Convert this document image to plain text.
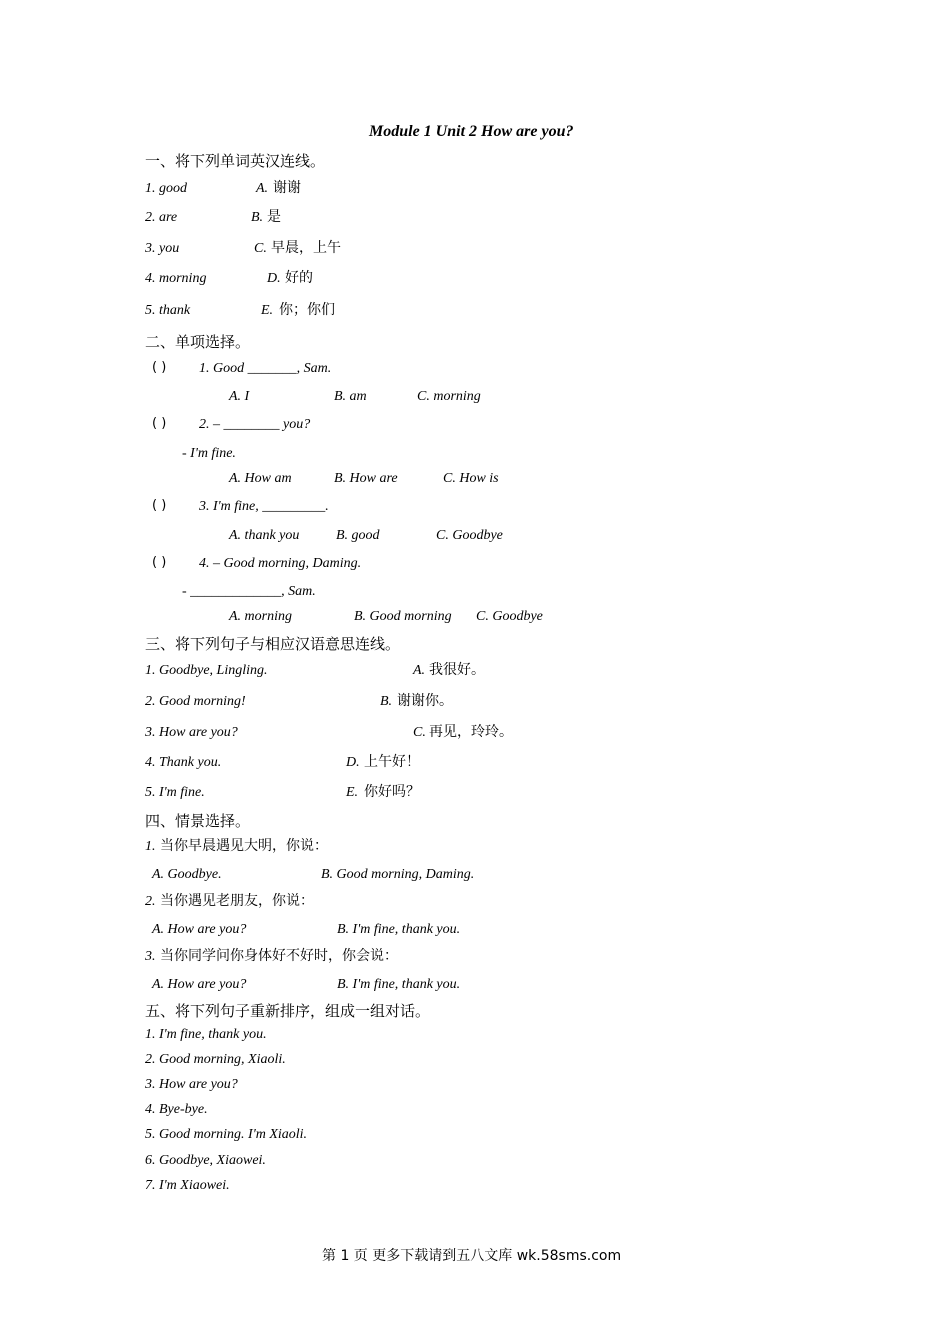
Module 1 Unit 2 How are you?
一、将下列单词英汉连线。
1. good	A. 谢谢
2. are	B. 是
3. you	C. 早晨，上午
4. morning	D. 好的
5. thank	E. 你；你们
二、单项选择。
( ) 1. Good _______, Sam.
A. I	B. am	C. morning
( ) 2. – ________ you?
- I'm fine.
A. How am	B. How are	C. How is
( ) 3. I'm fine, _________.
A. thank you	B. good	C. Goodbye
( ) 4. – Good morning, Daming.
- _____________, Sam.
A. morning	B. Good morning C. Goodbye
三、将下列句子与相应汉语意思连线。
1. Goodbye, Lingling.	A. 我很好。
2. Good morning!	B. 谢谢你。
3. How are you?	C. 再见，玲玲。
4. Thank you.	D. 上午好！
5. I'm fine.	E. 你好吗？
四、情景选择。
1. 当你早晨遇见大明，你说：
A. Goodbye.	B. Good morning, Daming.
2. 当你遇见老朋友，你说：
A. How are you?	B. I'm fine, thank you.
3. 当你同学问你身体好不好时，你会说：
A. How are you?	B. I'm fine, thank you.
五、将下列句子重新排序，组成一组对话。
1. I'm fine, thank you.
2. Good morning, Xiaoli.
3. How are you?
4. Bye-bye.
5. Good morning. I'm Xiaoli.
6. Goodbye, Xiaowei.
7. I'm Xiaowei.
第 1 页 更多下载请到五八文库 wk.58sms.com
